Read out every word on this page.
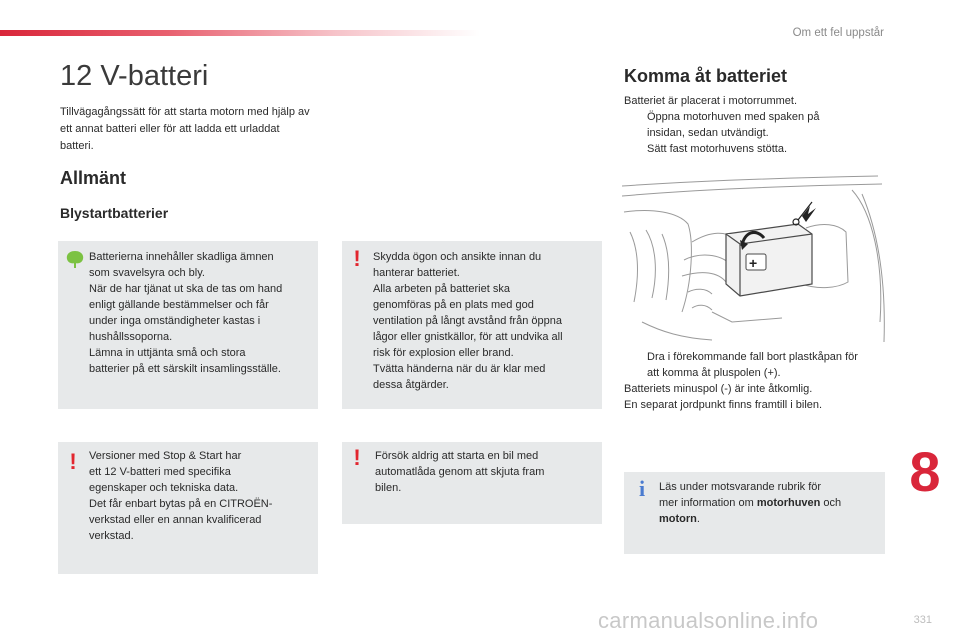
Om ett fel uppstår
12 V-batteri

Tillvägagångssätt för att starta motorn med hjälp av ett annat batteri eller för att ladda ett urladdat batteri.

Allmänt
Blystartbatterier
Batterierna innehåller skadliga ämnen
som svavelsyra och bly.
När de har tjänat ut ska de tas om hand
enligt gällande bestämmelser och får
under inga omständigheter kastas i
hushållssoporna.
Lämna in uttjänta små och stora
batterier på ett särskilt insamlingsställe.
! Skydda ögon och ansikte innan du
hanterar batteriet.
Alla arbeten på batteriet ska
genomföras på en plats med god
ventilation på långt avstånd från öppna
lågor eller gnistkällor, för att undvika all
risk för explosion eller brand.
Tvätta händerna när du är klar med
dessa åtgärder.
! Versioner med Stop & Start har
ett 12 V-batteri med specifika
egenskaper och tekniska data.
Det får enbart bytas på en CITROËN-
verkstad eller en annan kvalificerad
verkstad.
! Försök aldrig att starta en bil med
automatlåda genom att skjuta fram
bilen.
Komma åt batteriet

Batteriet är placerat i motorrummet.

Öppna motorhuven med spaken på
insidan, sedan utvändigt.
Sätt fast motorhuvens stötta.
+
Dra i förekommande fall bort plastkåpan för
att komma åt pluspolen (+).

Batteriets minuspol (-) är inte åtkomlig.

En separat jordpunkt finns framtill i bilen.

i Läs under motsvarande rubrik för
mer information om motorhuven och
motorn.
8
331
carmanualsonline.info
